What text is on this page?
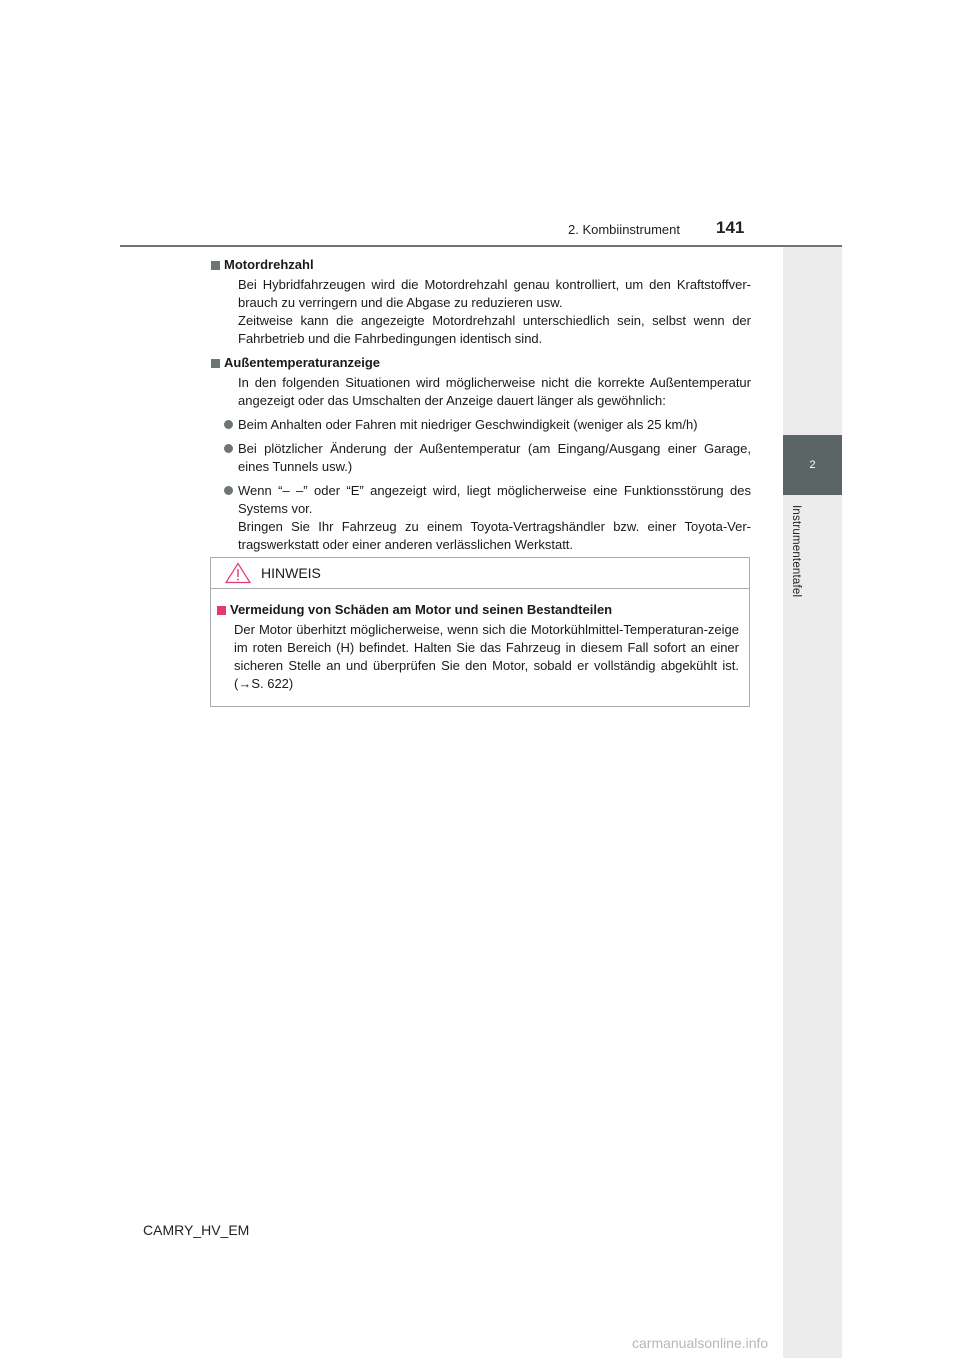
2. Kombiinstrument 141
2
Instrumententafel
Motordrehzahl
Bei Hybridfahrzeugen wird die Motordrehzahl genau kontrolliert, um den Kraftstoffver-brauch zu verringern und die Abgase zu reduzieren usw.
Zeitweise kann die angezeigte Motordrehzahl unterschiedlich sein, selbst wenn der Fahrbetrieb und die Fahrbedingungen identisch sind.
Außentemperaturanzeige
In den folgenden Situationen wird möglicherweise nicht die korrekte Außentemperatur angezeigt oder das Umschalten der Anzeige dauert länger als gewöhnlich:
Beim Anhalten oder Fahren mit niedriger Geschwindigkeit (weniger als 25 km/h)
Bei plötzlicher Änderung der Außentemperatur (am Eingang/Ausgang einer Garage, eines Tunnels usw.)
Wenn “– –” oder “E” angezeigt wird, liegt möglicherweise eine Funktionsstörung des Systems vor.
Bringen Sie Ihr Fahrzeug zu einem Toyota-Vertragshändler bzw. einer Toyota-Ver-tragswerkstatt oder einer anderen verlässlichen Werkstatt.
HINWEIS
Vermeidung von Schäden am Motor und seinen Bestandteilen
Der Motor überhitzt möglicherweise, wenn sich die Motorkühlmittel-Temperaturan-zeige im roten Bereich (H) befindet. Halten Sie das Fahrzeug in diesem Fall sofort an einer sicheren Stelle an und überprüfen Sie den Motor, sobald er vollständig abgekühlt ist. (→S. 622)
CAMRY_HV_EM
carmanualsonline.info
